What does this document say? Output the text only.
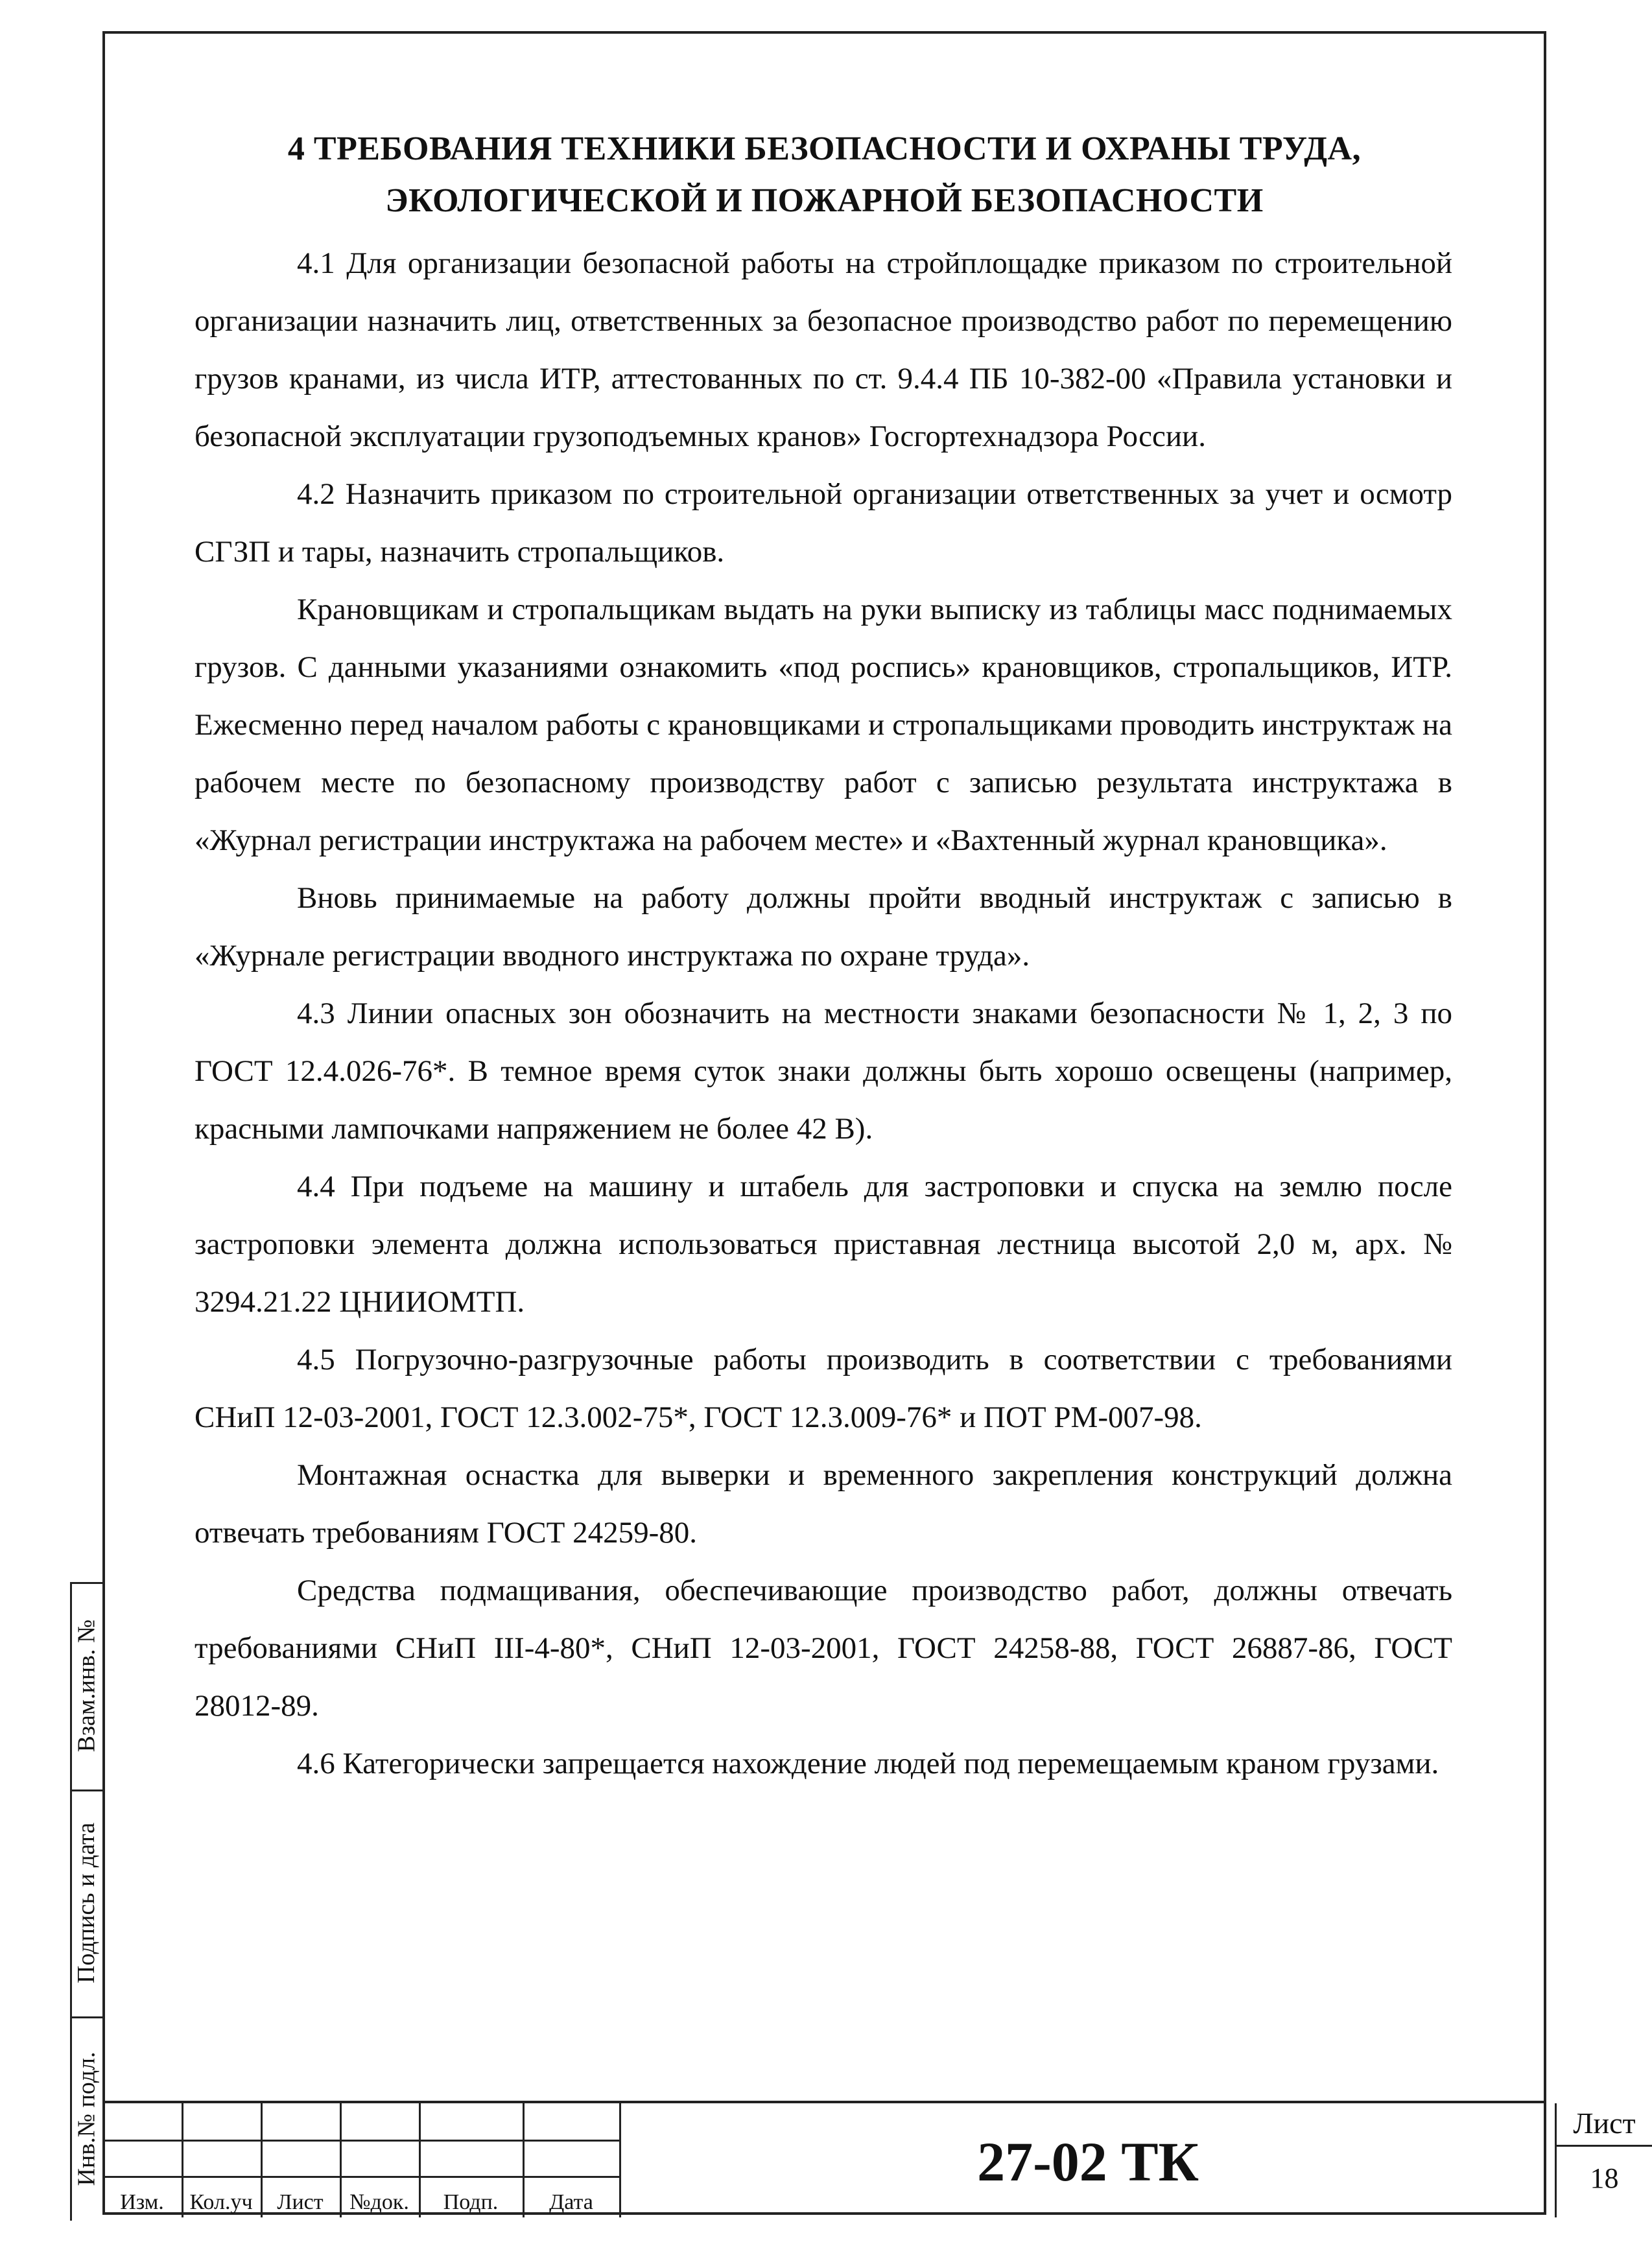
4 ТРЕБОВАНИЯ ТЕХНИКИ БЕЗОПАСНОСТИ И ОХРАНЫ ТРУДА,
ЭКОЛОГИЧЕСКОЙ И ПОЖАРНОЙ БЕЗОПАСНОСТИ

4.1 Для организации безопасной работы на стройплощадке приказом по строительной организации назначить лиц, ответственных за безопасное производство работ по перемещению грузов кранами, из числа ИТР, аттестованных по ст. 9.4.4 ПБ 10-382-00 «Правила установки и безопасной эксплуатации грузоподъемных кранов» Госгортехнадзора России.

4.2 Назначить приказом по строительной организации ответственных за учет и осмотр СГЗП и тары, назначить стропальщиков.

Крановщикам и стропальщикам выдать на руки выписку из таблицы масс поднимаемых грузов. С данными указаниями ознакомить «под роспись» крановщиков, стропальщиков, ИТР. Ежесменно перед началом работы с крановщиками и стропальщиками проводить инструктаж на рабочем месте по безопасному производству работ с записью результата инструктажа в «Журнал регистрации инструктажа на рабочем месте» и «Вахтенный журнал крановщика».

Вновь принимаемые на работу должны пройти вводный инструктаж с записью в «Журнале регистрации вводного инструктажа по охране труда».

4.3 Линии опасных зон обозначить на местности знаками безопасности № 1, 2, 3 по ГОСТ 12.4.026-76*. В темное время суток знаки должны быть хорошо освещены (например, красными лампочками напряжением не более 42 В).

4.4 При подъеме на машину и штабель для застроповки и спуска на землю после застроповки элемента должна использоваться приставная лестница высотой 2,0 м, арх. № 3294.21.22 ЦНИИОМТП.

4.5 Погрузочно-разгрузочные работы производить в соответствии с требованиями СНиП 12-03-2001, ГОСТ 12.3.002-75*, ГОСТ 12.3.009-76* и ПОТ РМ-007-98.

Монтажная оснастка для выверки и временного закрепления конструкций должна отвечать требованиям ГОСТ 24259-80.

Средства подмащивания, обеспечивающие производство работ, должны отвечать требованиями СНиП III-4-80*, СНиП 12-03-2001, ГОСТ 24258-88, ГОСТ 26887-86, ГОСТ 28012-89.

4.6 Категорически запрещается нахождение людей под перемещаемым краном грузами.

Взам.инв. №
Подпись и дата
Инв.№ подл.
Изм.	Кол.уч	Лист	№док.	Подп.	Дата
27-02 ТК
Лист
18
